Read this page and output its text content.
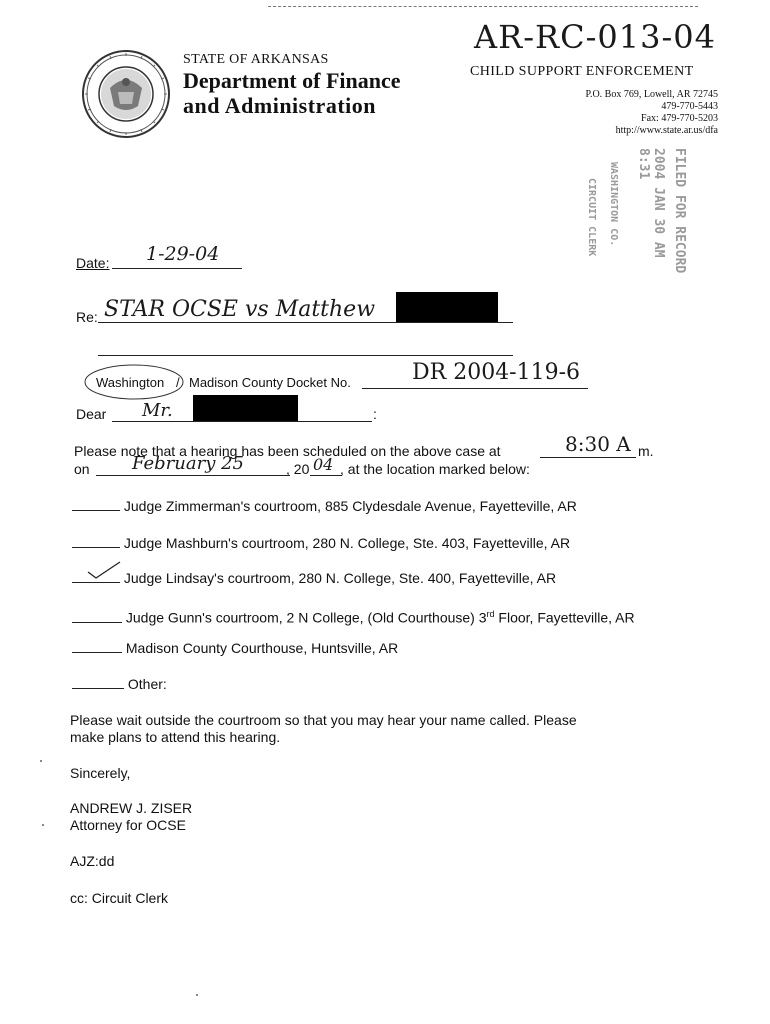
AR-RC-013-04
STATE OF ARKANSAS
Department of Finance
and Administration
CHILD SUPPORT ENFORCEMENT
P.O. Box 769, Lowell, AR 72745
479-770-5443
Fax: 479-770-5203
http://www.state.ar.us/dfa
FILED FOR RECORD
2004 JAN 30 AM 8:31
WASHINGTON CO.
CIRCUIT CLERK
Date: 1-29-04
Re: STAR OCSE vs Matthew
Washington / Madison County Docket No.	DR 2004-119-6
Dear Mr.	:
Please note that a hearing has been scheduled on the above case at	8:30 A m.
on February 25	, 20 04 , at the location marked below:
Judge Zimmerman's courtroom, 885 Clydesdale Avenue, Fayetteville, AR
Judge Mashburn's courtroom, 280 N. College, Ste. 403, Fayetteville, AR
Judge Lindsay's courtroom, 280 N. College, Ste. 400, Fayetteville, AR
Judge Gunn's courtroom, 2 N College, (Old Courthouse) 3rd Floor, Fayetteville, AR
Madison County Courthouse, Huntsville, AR
Other:
Please wait outside the courtroom so that you may hear your name called. Please
make plans to attend this hearing.
Sincerely,
ANDREW J. ZISER
Attorney for OCSE
AJZ:dd
cc: Circuit Clerk
